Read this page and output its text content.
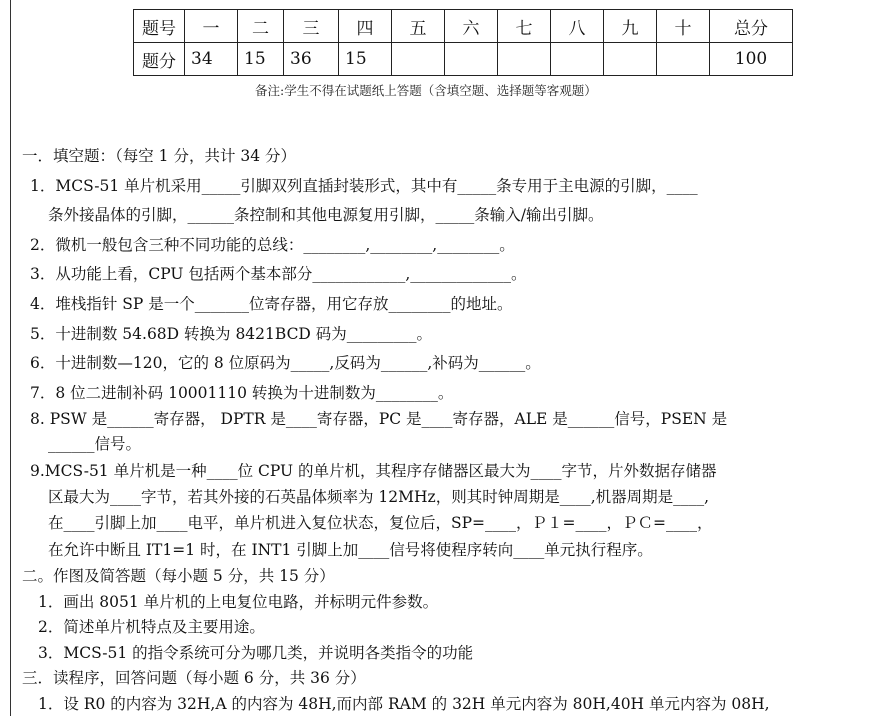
题号	一	二	三	四	五	六	七	八	九	十	总分
题分	34	15	36	15							100
备注:学生不得在试题纸上答题（含填空题、选择题等客观题）
一．填空题：（每空 1 分，共计 34 分）
1．MCS-51 单片机采用_____引脚双列直插封装形式，其中有_____条专用于主电源的引脚，____
条外接晶体的引脚，______条控制和其他电源复用引脚，_____条输入/输出引脚。
2．微机一般包含三种不同功能的总线：________,________,________。
3．从功能上看，CPU 包括两个基本部分____________,_____________。
4．堆栈指针 SP 是一个_______位寄存器，用它存放________的地址。
5．十进制数 54.68D 转换为 8421BCD 码为_________。
6．十进制数—120，它的 8 位原码为_____,反码为______,补码为______。
7．8 位二进制补码 10001110 转换为十进制数为________。
8. PSW 是______寄存器， DPTR 是____寄存器，PC 是____寄存器，ALE 是______信号，PSEN 是
______信号。
9.MCS-51 单片机是一种____位 CPU 的单片机，其程序存储器区最大为____字节，片外数据存储器
区最大为____字节，若其外接的石英晶体频率为 12MHz，则其时钟周期是____,机器周期是____,
在____引脚上加____电平，单片机进入复位状态，复位后，SP=____，Ｐ１=____，ＰＣ=____，
在允许中断且 IT1=1 时，在 INT1 引脚上加____信号将使程序转向____单元执行程序。
二。作图及简答题（每小题 5 分，共 15 分）
1．画出 8051 单片机的上电复位电路，并标明元件参数。
2．简述单片机特点及主要用途。
3．MCS-51 的指令系统可分为哪几类，并说明各类指令的功能
三．读程序，回答问题（每小题 6 分，共 36 分）
1．设 R0 的内容为 32H,A 的内容为 48H,而内部 RAM 的 32H 单元内容为 80H,40H 单元内容为 08H,
